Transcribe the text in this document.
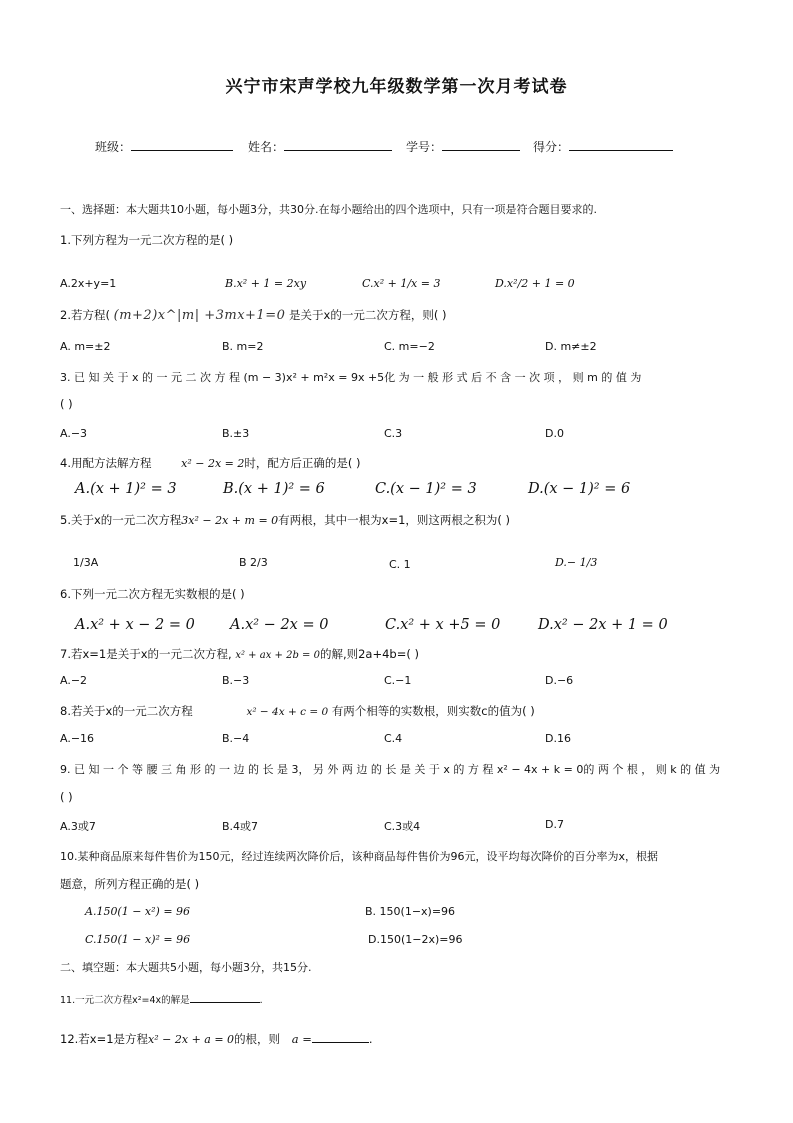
兴宁市宋声学校九年级数学第一次月考试卷
班级：	姓名：	学号：	得分：
一、选择题：本大题共10小题，每小题3分，共30分.在每小题给出的四个选项中，只有一项是符合题目要求的.
1.下列方程为一元二次方程的是( )
A.2x+y=1	B.x² + 1 = 2xy	C.x² + 1/x = 3	D.x²/2 + 1 = 0
2.若方程( (m+2)x^|m| +3mx+1=0 是关于x的一元二次方程，则( )
A. m=±2	B. m=2	C. m=−2	D. m≠±2
3. 已 知 关 于 x 的 一 元 二 次 方 程 (m − 3)x² + m²x = 9x +5化 为 一 般 形 式 后 不 含 一 次 项 ， 则 m 的 值 为
( )
A.−3	B.±3	C.3	D.0
4.用配方法解方程	x² − 2x = 2时，配方后正确的是( )
A.(x + 1)² = 3	B.(x + 1)² = 6	C.(x − 1)² = 3	D.(x − 1)² = 6
5.关于x的一元二次方程3x² − 2x + m = 0有两根，其中一根为x=1，则这两根之积为( )
1/3A	B 2/3	C. 1	D.− 1/3
6.下列一元二次方程无实数根的是( )
A.x² + x − 2 = 0 A.x² − 2x = 0	C.x² + x +5 = 0	D.x² − 2x + 1 = 0
7.若x=1是关于x的一元二次方程, x² + ax + 2b = 0的解,则2a+4b=( )
A.−2	B.−3	C.−1	D.−6
8.若关于x的一元二次方程	x² − 4x + c = 0 有两个相等的实数根，则实数c的值为( )
A.−16	B.−4	C.4	D.16
9. 已 知 一 个 等 腰 三 角 形 的 一 边 的 长 是 3， 另 外 两 边 的 长 是 关 于 x 的 方 程 x² − 4x + k = 0的 两 个 根 ， 则 k 的 值 为
( )
A.3或7	B.4或7	C.3或4	D.7
10.某种商品原来每件售价为150元，经过连续两次降价后，该种商品每件售价为96元，设平均每次降价的百分率为x，根据
题意，所列方程正确的是( )
A.150(1 − x²) = 96	B. 150(1−x)=96
C.150(1 − x)² = 96	D.150(1−2x)=96
二、填空题：本大题共5小题，每小题3分，共15分.
11.一元二次方程x²=4x的解是	.
12.若x=1是方程x² − 2x + a = 0的根，则 a =	.
